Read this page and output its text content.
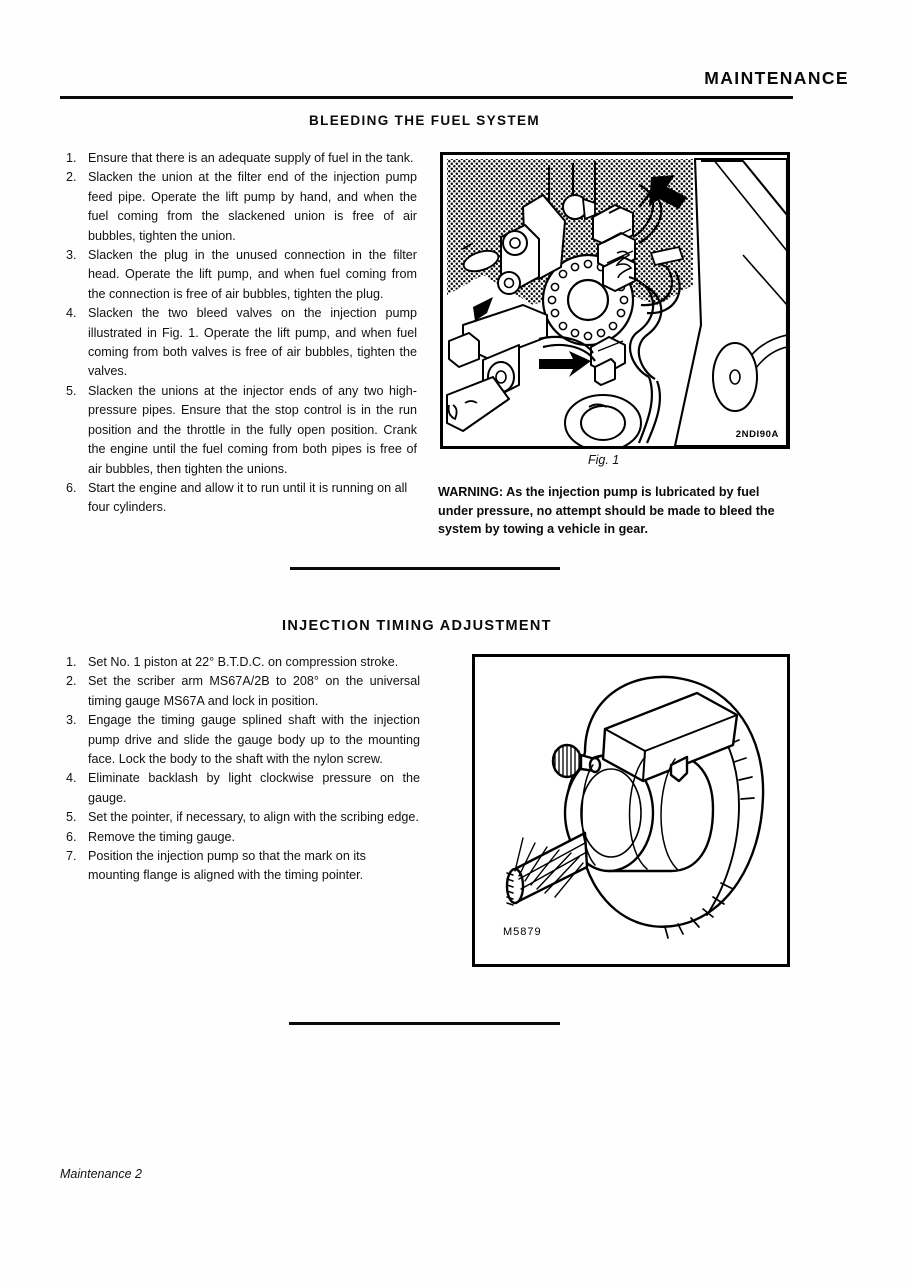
MAINTENANCE
BLEEDING THE FUEL SYSTEM
1. Ensure that there is an adequate supply of fuel in the tank.
2. Slacken the union at the filter end of the injection pump feed pipe. Operate the lift pump by hand, and when the fuel coming from the slackened union is free of air bubbles, tighten the union.
3. Slacken the plug in the unused connection in the filter head. Operate the lift pump, and when fuel coming from the connection is free of air bubbles, tighten the plug.
4. Slacken the two bleed valves on the injection pump illustrated in Fig. 1. Operate the lift pump, and when fuel coming from both valves is free of air bubbles, tighten the valves.
5. Slacken the unions at the injector ends of any two high-pressure pipes. Ensure that the stop control is in the run position and the throttle in the fully open position. Crank the engine until the fuel coming from both pipes is free of air bubbles, then tighten the unions.
6. Start the engine and allow it to run until it is running on all four cylinders.
2NDI90A
Fig. 1
WARNING: As the injection pump is lubricated by fuel under pressure, no attempt should be made to bleed the system by towing a vehicle in gear.
INJECTION TIMING ADJUSTMENT
1. Set No. 1 piston at 22° B.T.D.C. on compression stroke.
2. Set the scriber arm MS67A/2B to 208° on the universal timing gauge MS67A and lock in position.
3. Engage the timing gauge splined shaft with the injection pump drive and slide the gauge body up to the mounting face. Lock the body to the shaft with the nylon screw.
4. Eliminate backlash by light clockwise pressure on the gauge.
5. Set the pointer, if necessary, to align with the scribing edge.
6. Remove the timing gauge.
7. Position the injection pump so that the mark on its mounting flange is aligned with the timing pointer.
M5879
Maintenance 2
